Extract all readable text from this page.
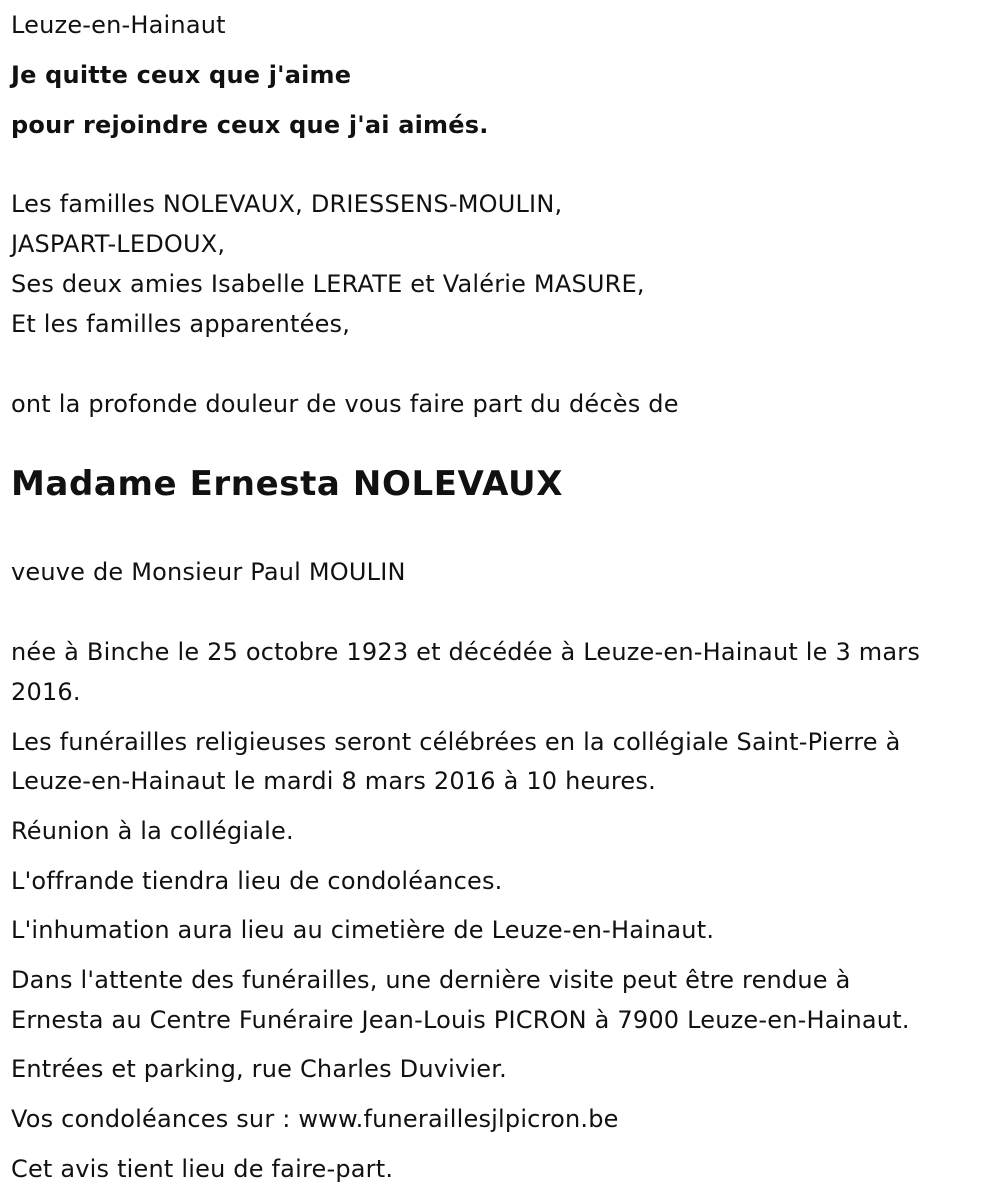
Leuze-en-Hainaut
Je quitte ceux que j'aime
pour rejoindre ceux que j'ai aimés.
Les familles NOLEVAUX, DRIESSENS-MOULIN,
JASPART-LEDOUX,
Ses deux amies Isabelle LERATE et Valérie MASURE,
Et les familles apparentées,
ont la profonde douleur de vous faire part du décès de
Madame Ernesta NOLEVAUX
veuve de Monsieur Paul MOULIN
née à Binche le 25 octobre 1923 et décédée à Leuze-en-Hainaut le 3 mars
2016.
Les funérailles religieuses seront célébrées en la collégiale Saint-Pierre à
Leuze-en-Hainaut le mardi 8 mars 2016 à 10 heures.
Réunion à la collégiale.
L'offrande tiendra lieu de condoléances.
L'inhumation aura lieu au cimetière de Leuze-en-Hainaut.
Dans l'attente des funérailles, une dernière visite peut être rendue à
Ernesta au Centre Funéraire Jean-Louis PICRON à 7900 Leuze-en-Hainaut.
Entrées et parking, rue Charles Duvivier.
Vos condoléances sur : www.funeraillesjlpicron.be
Cet avis tient lieu de faire-part.
